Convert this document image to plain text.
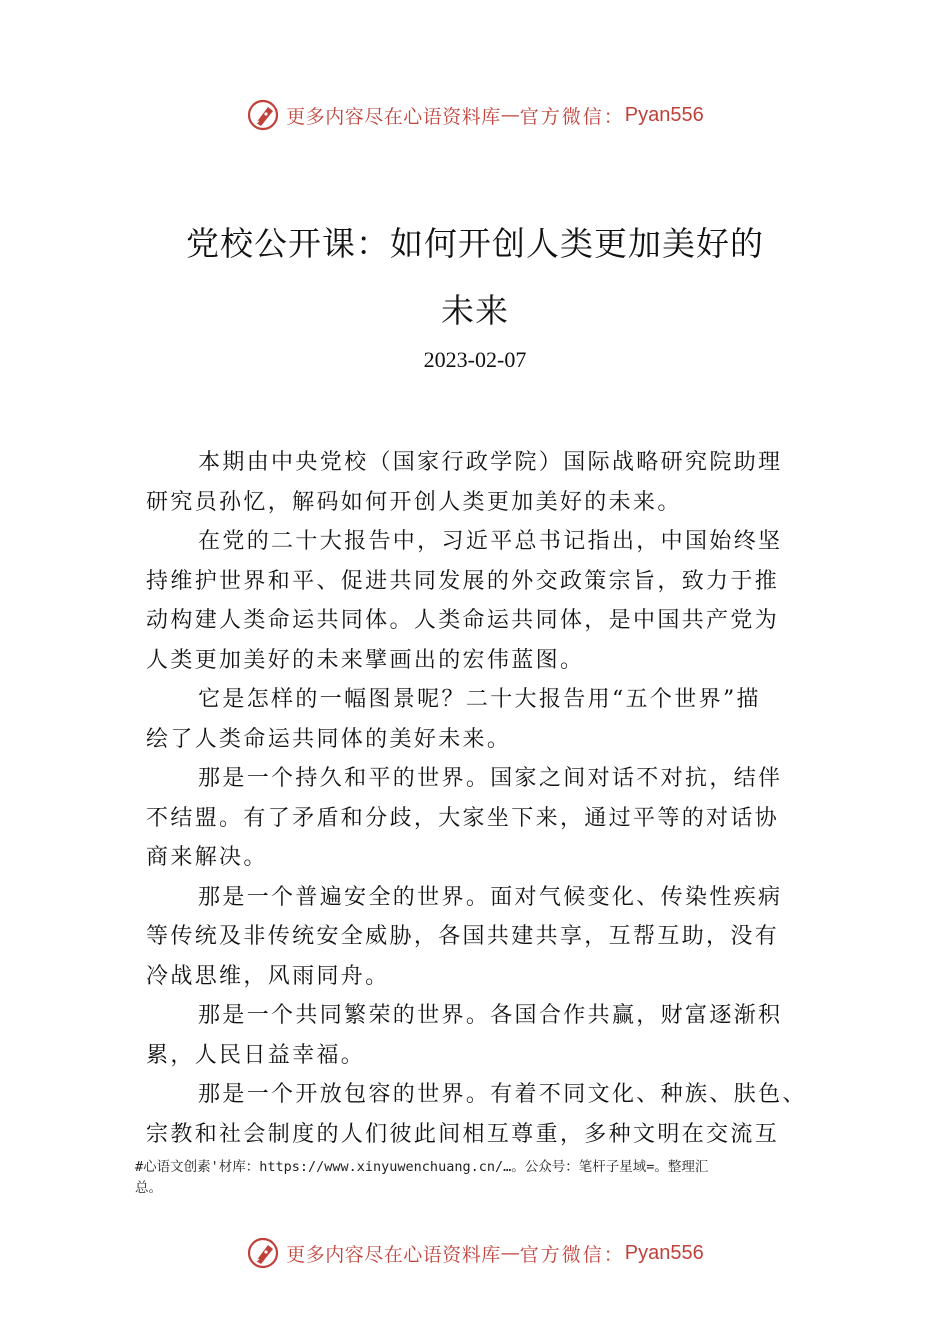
更多内容尽在心语资料库 — 官方微信： Pyan556
党校公开课：如何开创人类更加美好的
未来
2023-02-07
本期由中央党校（国家行政学院）国际战略研究院助理
研究员孙忆，解码如何开创人类更加美好的未来。
在党的二十大报告中，习近平总书记指出，中国始终坚
持维护世界和平、促进共同发展的外交政策宗旨，致力于推
动构建人类命运共同体。人类命运共同体，是中国共产党为
人类更加美好的未来擘画出的宏伟蓝图。
它是怎样的一幅图景呢？二十大报告用“五个世界”描
绘了人类命运共同体的美好未来。
那是一个持久和平的世界。国家之间对话不对抗，结伴
不结盟。有了矛盾和分歧，大家坐下来，通过平等的对话协
商来解决。
那是一个普遍安全的世界。面对气候变化、传染性疾病
等传统及非传统安全威胁，各国共建共享，互帮互助，没有
冷战思维，风雨同舟。
那是一个共同繁荣的世界。各国合作共赢，财富逐渐积
累，人民日益幸福。
那是一个开放包容的世界。有着不同文化、种族、肤色、
宗教和社会制度的人们彼此间相互尊重，多种文明在交流互
#心语文创素'材库：https://www.xinyuwenchuang.cn/…。公众号：笔杆子星域=。整理汇
总。
更多内容尽在心语资料库 — 官方微信： Pyan556
